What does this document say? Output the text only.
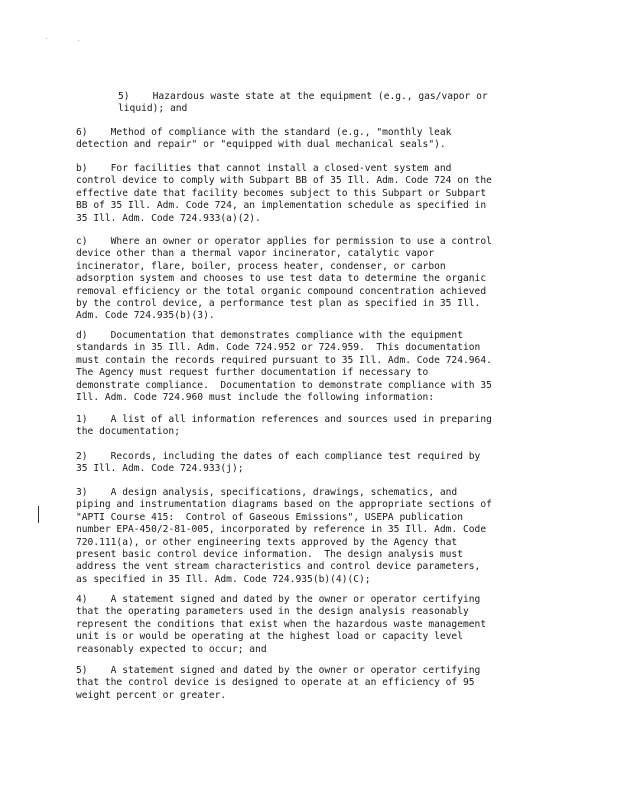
5)    Hazardous waste state at the equipment (e.g., gas/vapor or
liquid); and

6)    Method of compliance with the standard (e.g., "monthly leak
detection and repair" or "equipped with dual mechanical seals").

b)    For facilities that cannot install a closed-vent system and
control device to comply with Subpart BB of 35 Ill. Adm. Code 724 on the
effective date that facility becomes subject to this Subpart or Subpart
BB of 35 Ill. Adm. Code 724, an implementation schedule as specified in
35 Ill. Adm. Code 724.933(a)(2).

c)    Where an owner or operator applies for permission to use a control
device other than a thermal vapor incinerator, catalytic vapor
incinerator, flare, boiler, process heater, condenser, or carbon
adsorption system and chooses to use test data to determine the organic
removal efficiency or the total organic compound concentration achieved
by the control device, a performance test plan as specified in 35 Ill.
Adm. Code 724.935(b)(3).

d)    Documentation that demonstrates compliance with the equipment
standards in 35 Ill. Adm. Code 724.952 or 724.959.  This documentation
must contain the records required pursuant to 35 Ill. Adm. Code 724.964.
The Agency must request further documentation if necessary to
demonstrate compliance.  Documentation to demonstrate compliance with 35
Ill. Adm. Code 724.960 must include the following information:

1)    A list of all information references and sources used in preparing
the documentation;

2)    Records, including the dates of each compliance test required by
35 Ill. Adm. Code 724.933(j);

3)    A design analysis, specifications, drawings, schematics, and
piping and instrumentation diagrams based on the appropriate sections of
"APTI Course 415:  Control of Gaseous Emissions", USEPA publication
number EPA-450/2-81-005, incorporated by reference in 35 Ill. Adm. Code
720.111(a), or other engineering texts approved by the Agency that
present basic control device information.  The design analysis must
address the vent stream characteristics and control device parameters,
as specified in 35 Ill. Adm. Code 724.935(b)(4)(C);

4)    A statement signed and dated by the owner or operator certifying
that the operating parameters used in the design analysis reasonably
represent the conditions that exist when the hazardous waste management
unit is or would be operating at the highest load or capacity level
reasonably expected to occur; and

5)    A statement signed and dated by the owner or operator certifying
that the control device is designed to operate at an efficiency of 95
weight percent or greater.
